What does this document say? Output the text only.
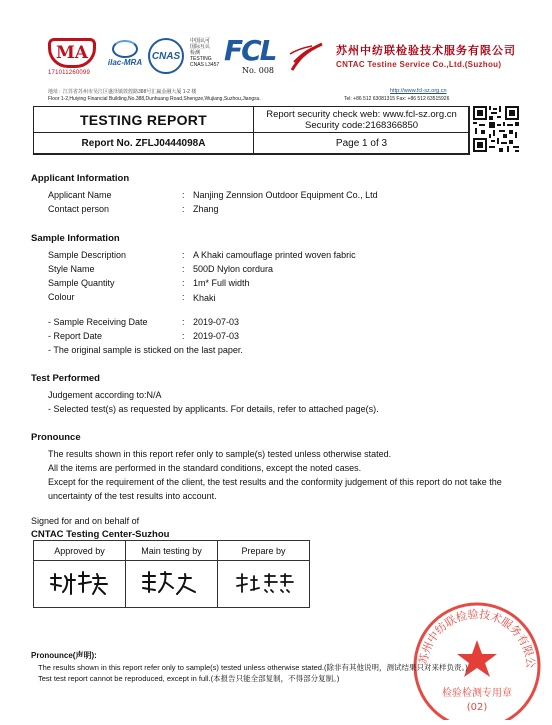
MA
171011260099
ilac-MRA
CNAS
中国认可
国际互认
检测
TESTING
CNAS L3457 FCL
No. 008
苏州中纺联检验技术服务有限公司
CNTAC Testine Service Co.,Ltd.(Suzhou)
地址：江苏省苏州市吴江区盛泽镇敦煌路388号汇赢金融大厦 1-2 楼	http://www.fcl-sz.org.cn
Floor 1-2,Huiying Financial Building,No.388,Dunhuang Road,Shengze,Wujiang,Suzhou,Jiangsu.	Tel: +86 512 63081315 Fax: +86 512 63515926
TESTING REPORT	Report security check web: www.fcl-sz.org.cn
Security code:2168366850
Report No. ZFLJ0444098A	Page 1 of 3
Applicant Information
Applicant Name	: Nanjing Zennsion Outdoor Equipment Co., Ltd
Contact person	: Zhang
Sample Information
Sample Description	: A Khaki camouflage printed woven fabric
Style Name	: 500D Nylon cordura
Sample Quantity	: 1m* Full width
Colour	: Khaki
- Sample Receiving Date	: 2019-07-03
- Report Date	: 2019-07-03
- The original sample is sticked on the last paper.
Test Performed
Judgement according to:N/A
- Selected test(s) as requested by applicants. For details, refer to attached page(s).
Pronounce
The results shown in this report refer only to sample(s) tested unless otherwise stated.
All the items are performed in the standard conditions, except the noted cases.
Except for the requirement of the client, the test results and the conformity judgement of this report do not take the uncertainty of the test results into account.
Signed for and on behalf of
CNTAC Testing Center-Suzhou
Approved by	Main testing by	Prepare by

苏州中纺联检验技术服务有限公
检验检测专用章
(02)
Pronounce(声明):
The results shown in this report refer only to sample(s) tested unless otherwise stated.(除非有其他说明，测试结果只对来样负责。)
Test test report cannot be reproduced, except in full.(本报告只能全部复制，不得部分复制。)
